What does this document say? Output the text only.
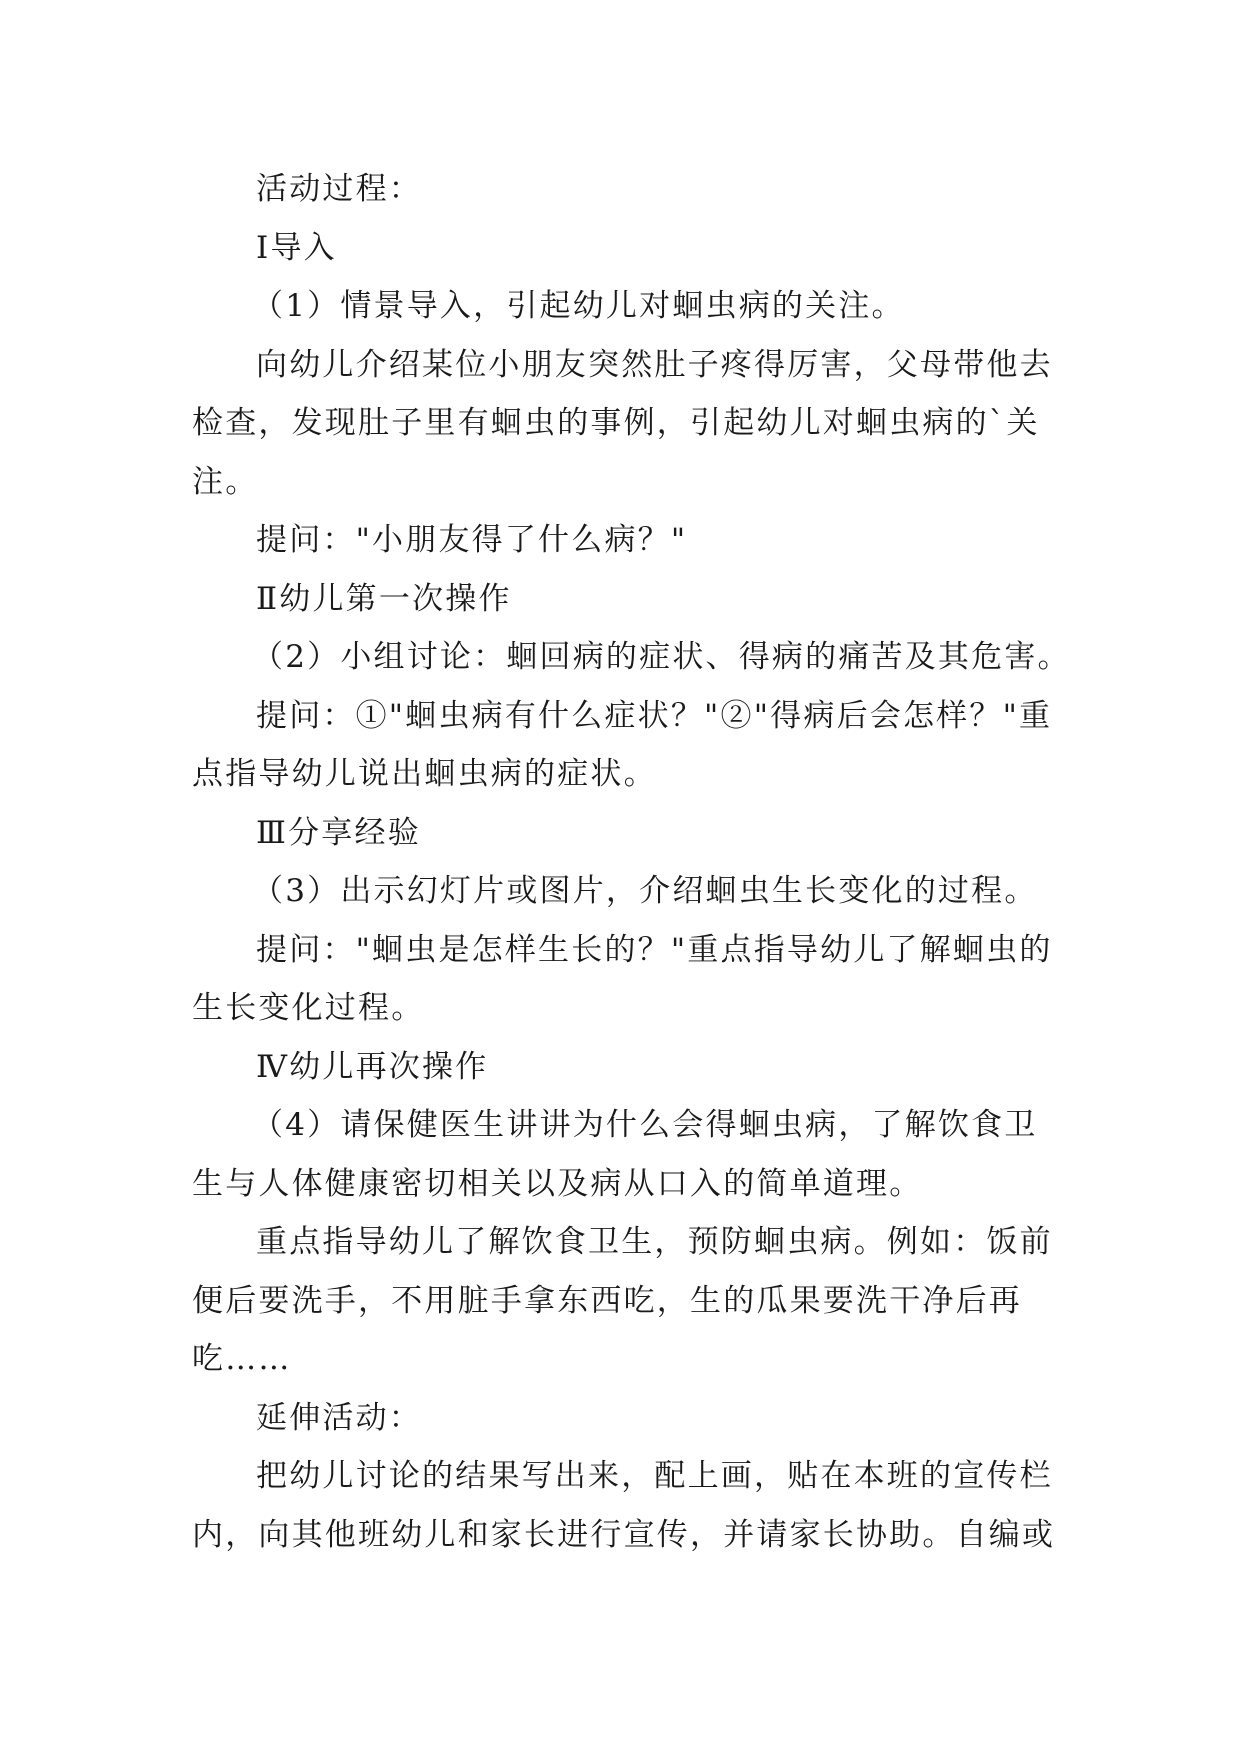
活动过程：

Ⅰ导入

（1）情景导入，引起幼儿对蛔虫病的关注。

向幼儿介绍某位小朋友突然肚子疼得厉害，父母带他去

检查，发现肚子里有蛔虫的事例，引起幼儿对蛔虫病的`关

注。

提问："小朋友得了什么病？"

Ⅱ幼儿第一次操作

（2）小组讨论：蛔回病的症状、得病的痛苦及其危害。

提问：①"蛔虫病有什么症状？"②"得病后会怎样？"重

点指导幼儿说出蛔虫病的症状。

Ⅲ分享经验

（3）出示幻灯片或图片，介绍蛔虫生长变化的过程。

提问："蛔虫是怎样生长的？"重点指导幼儿了解蛔虫的

生长变化过程。

Ⅳ幼儿再次操作

（4）请保健医生讲讲为什么会得蛔虫病，了解饮食卫

生与人体健康密切相关以及病从口入的简单道理。

重点指导幼儿了解饮食卫生，预防蛔虫病。例如：饭前

便后要洗手，不用脏手拿东西吃，生的瓜果要洗干净后再

吃……

延伸活动：

把幼儿讨论的结果写出来，配上画，贴在本班的宣传栏

内，向其他班幼儿和家长进行宣传，并请家长协助。自编或
